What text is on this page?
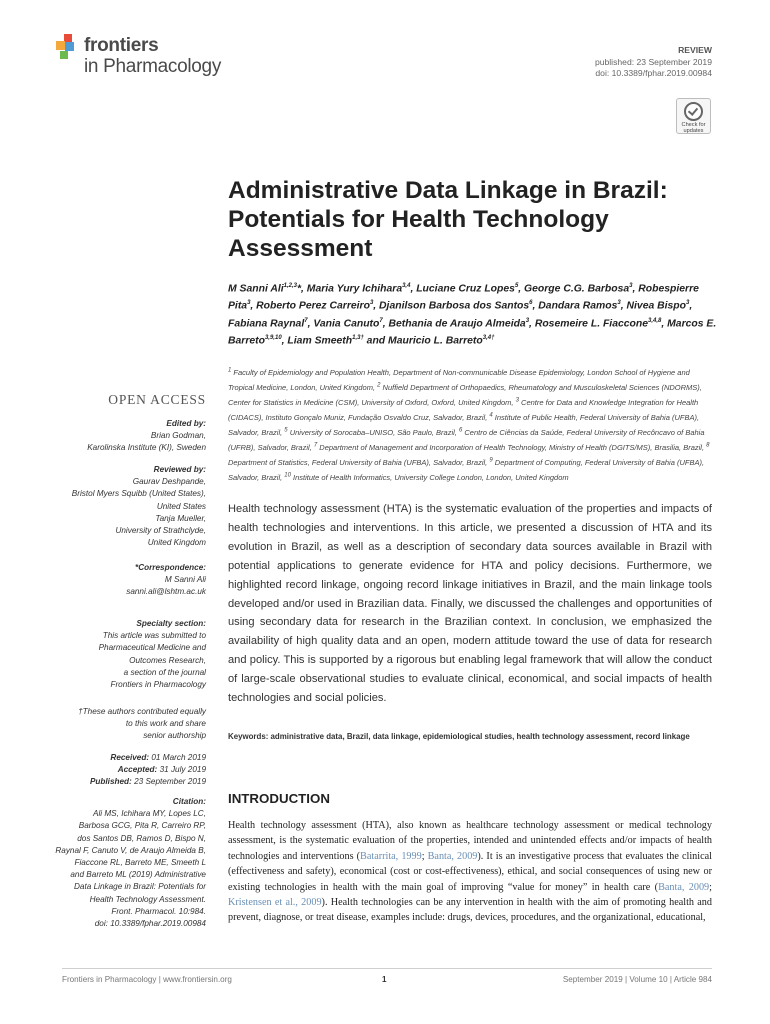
frontiers
in Pharmacology
REVIEW
published: 23 September 2019
doi: 10.3389/fphar.2019.00984
Check for updates
Administrative Data Linkage in Brazil: Potentials for Health Technology Assessment
M Sanni Ali$^{1,2,3}$*, Maria Yury Ichihara$^{3,4}$, Luciane Cruz Lopes$^5$, George C.G. Barbosa$^3$, Robespierre Pita$^3$, Roberto Perez Carreiro$^3$, Djanilson Barbosa dos Santos$^6$, Dandara Ramos$^3$, Nivea Bispo$^3$, Fabiana Raynal$^7$, Vania Canuto$^7$, Bethania de Araujo Almeida$^3$, Rosemeire L. Fiaccone$^{3,4,8}$, Marcos E. Barreto$^{3,9,10}$, Liam Smeeth$^{1,3\dagger}$ and Mauricio L. Barreto$^{3,4\dagger}$
$^1$ Faculty of Epidemiology and Population Health, Department of Non-communicable Disease Epidemiology, London School of Hygiene and Tropical Medicine, London, United Kingdom, $^2$ Nuffield Department of Orthopaedics, Rheumatology and Musculoskeletal Sciences (NDORMS), Center for Statistics in Medicine (CSM), University of Oxford, Oxford, United Kingdom, $^3$ Centre for Data and Knowledge Integration for Health (CIDACS), Instituto Gonçalo Muniz, Fundação Osvaldo Cruz, Salvador, Brazil, $^4$ Institute of Public Health, Federal University of Bahia (UFBA), Salvador, Brazil, $^5$ University of Sorocaba–UNISO, São Paulo, Brazil, $^6$ Centro de Ciências da Saúde, Federal University of Recôncavo of Bahia (UFRB), Salvador, Brazil, $^7$ Department of Management and Incorporation of Health Technology, Ministry of Health (DGITS/MS), Brasilia, Brazil, $^8$ Department of Statistics, Federal University of Bahia (UFBA), Salvador, Brazil, $^9$ Department of Computing, Federal University of Bahia (UFBA), Salvador, Brazil, $^{10}$ Institute of Health Informatics, University College London, London, United Kingdom
OPEN ACCESS
Edited by:
Brian Godman,
Karolinska Institute (KI), Sweden
Reviewed by:
Gaurav Deshpande,
Bristol Myers Squibb (United States),
United States
Tanja Mueller,
University of Strathclyde,
United Kingdom
*Correspondence:
M Sanni Ali
sanni.ali@lshtm.ac.uk
Specialty section:
This article was submitted to
Pharmaceutical Medicine and
Outcomes Research,
a section of the journal
Frontiers in Pharmacology
†These authors contributed equally
to this work and share
senior authorship
Received: 01 March 2019
Accepted: 31 July 2019
Published: 23 September 2019
Citation:
Ali MS, Ichihara MY, Lopes LC,
Barbosa GCG, Pita R, Carreiro RP,
dos Santos DB, Ramos D, Bispo N,
Raynal F, Canuto V, de Araujo Almeida B,
Fiaccone RL, Barreto ME, Smeeth L
and Barreto ML (2019) Administrative
Data Linkage in Brazil: Potentials for
Health Technology Assessment.
Front. Pharmacol. 10:984.
doi: 10.3389/fphar.2019.00984
Health technology assessment (HTA) is the systematic evaluation of the properties and impacts of health technologies and interventions. In this article, we presented a discussion of HTA and its evolution in Brazil, as well as a description of secondary data sources available in Brazil with potential applications to generate evidence for HTA and policy decisions. Furthermore, we highlighted record linkage, ongoing record linkage initiatives in Brazil, and the main linkage tools developed and/or used in Brazilian data. Finally, we discussed the challenges and opportunities of using secondary data for research in the Brazilian context. In conclusion, we emphasized the availability of high quality data and an open, modern attitude toward the use of data for research and policy. This is supported by a rigorous but enabling legal framework that will allow the conduct of large-scale observational studies to evaluate clinical, economical, and social impacts of health technologies and social policies.
Keywords: administrative data, Brazil, data linkage, epidemiological studies, health technology assessment, record linkage
INTRODUCTION
Health technology assessment (HTA), also known as healthcare technology assessment or medical technology assessment, is the systematic evaluation of the properties, intended and unintended effects and/or impacts of health technologies and interventions (Batarrita, 1999; Banta, 2009). It is an investigative process that evaluates the clinical (effectiveness and safety), economical (cost or cost-effectiveness), ethical, and social consequences of using new or existing technologies in health with the main goal of improving “value for money” in health care (Banta, 2009; Kristensen et al., 2009). Health technologies can be any intervention in health with the aim of promoting health and prevent, diagnose, or treat disease, examples include: drugs, devices, procedures, and the organizational, educational,
Frontiers in Pharmacology | www.frontiersin.org	1	September 2019 | Volume 10 | Article 984
